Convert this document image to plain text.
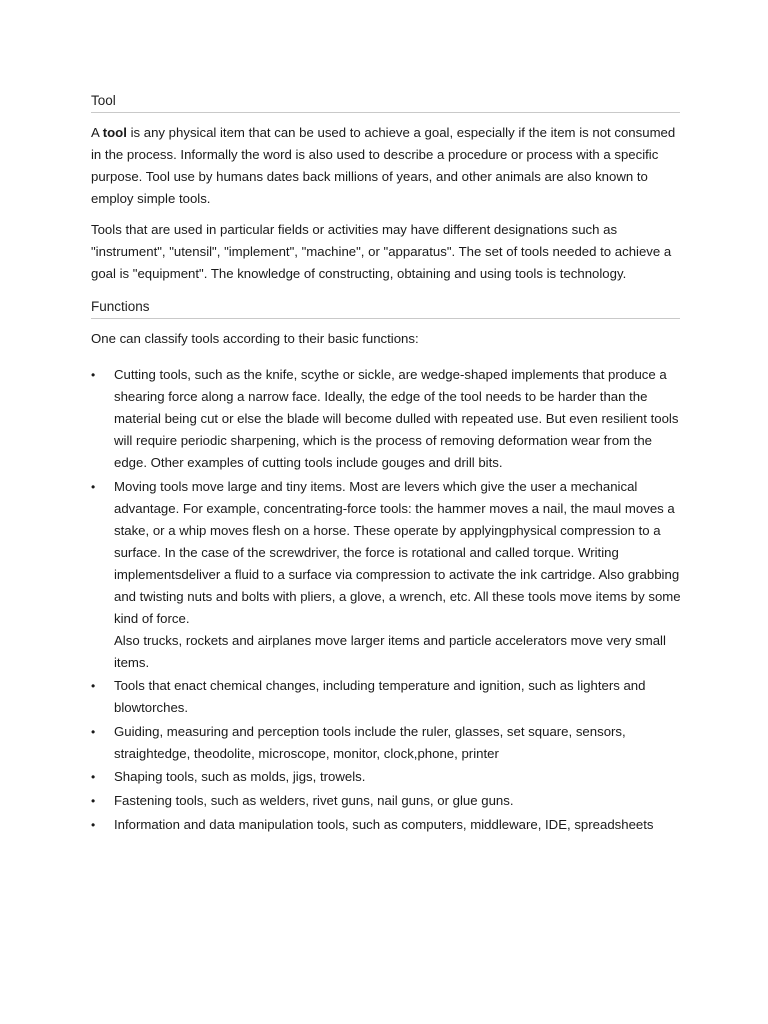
Tool

A tool is any physical item that can be used to achieve a goal, especially if the item is not consumed in the process. Informally the word is also used to describe a procedure or process with a specific purpose. Tool use by humans dates back millions of years, and other animals are also known to employ simple tools.

Tools that are used in particular fields or activities may have different designations such as "instrument", "utensil", "implement", "machine", or "apparatus". The set of tools needed to achieve a goal is "equipment". The knowledge of constructing, obtaining and using tools is technology.

Functions

One can classify tools according to their basic functions:

•	Cutting tools, such as the knife, scythe or sickle, are wedge-shaped implements that produce a shearing force along a narrow face. Ideally, the edge of the tool needs to be harder than the material being cut or else the blade will become dulled with repeated use. But even resilient tools will require periodic sharpening, which is the process of removing deformation wear from the edge. Other examples of cutting tools include gouges and drill bits.
•	Moving tools move large and tiny items. Most are levers which give the user a mechanical advantage. For example, concentrating-force tools: the hammer moves a nail, the maul moves a stake, or a whip moves flesh on a horse. These operate by applyingphysical compression to a surface. In the case of the screwdriver, the force is rotational and called torque. Writing implementsdeliver a fluid to a surface via compression to activate the ink cartridge. Also grabbing and twisting nuts and bolts with pliers, a glove, a wrench, etc. All these tools move items by some kind of force.
Also trucks, rockets and airplanes move larger items and particle accelerators move very small items.
•	Tools that enact chemical changes, including temperature and ignition, such as lighters and blowtorches.
•	Guiding, measuring and perception tools include the ruler, glasses, set square, sensors, straightedge, theodolite, microscope, monitor, clock,phone, printer
•	Shaping tools, such as molds, jigs, trowels.
•	Fastening tools, such as welders, rivet guns, nail guns, or glue guns.
•	Information and data manipulation tools, such as computers, middleware, IDE, spreadsheets
